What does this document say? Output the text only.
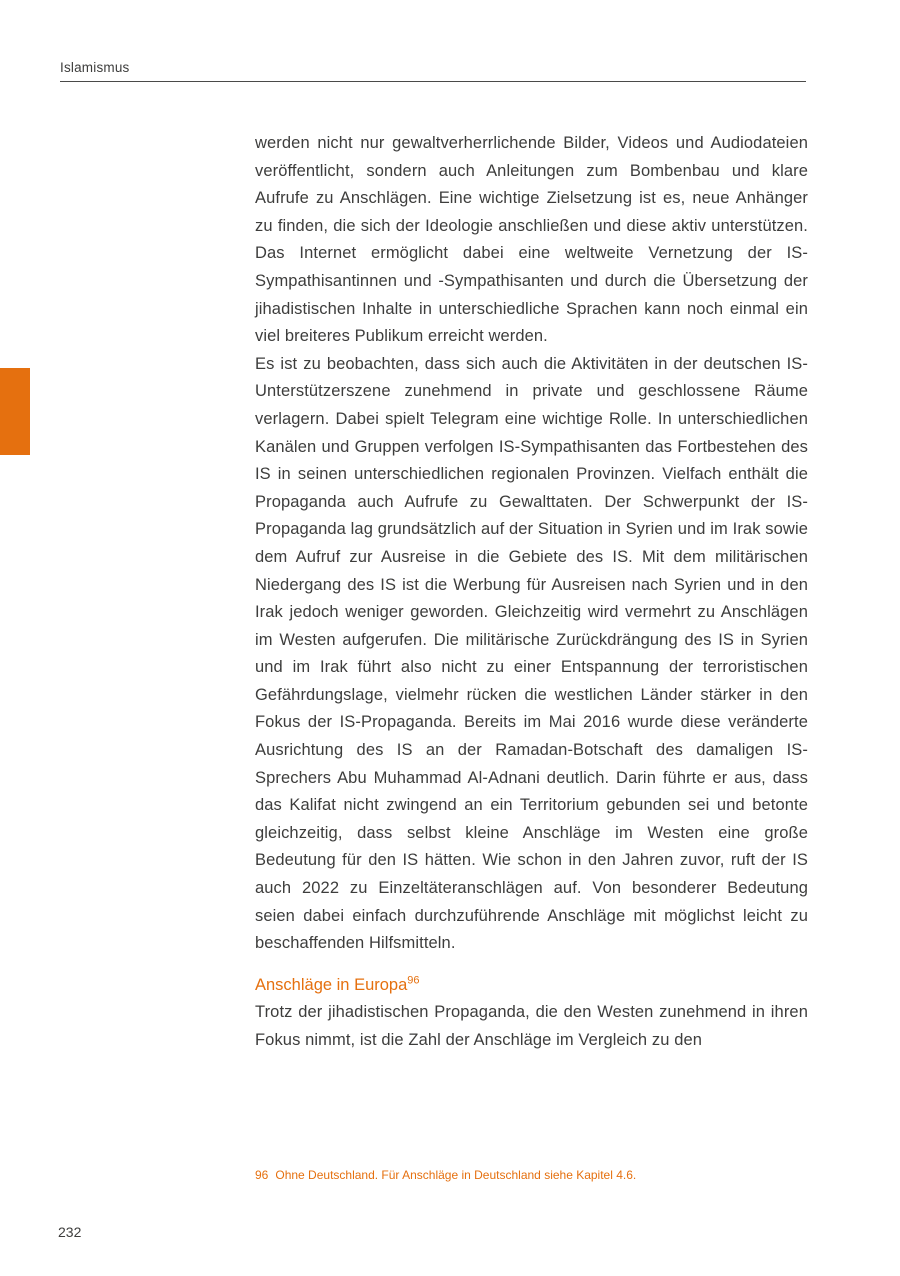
Islamismus

werden nicht nur gewaltverherrlichende Bilder, Videos und Audiodateien veröffentlicht, sondern auch Anleitungen zum Bombenbau und klare Aufrufe zu Anschlägen. Eine wichtige Zielsetzung ist es, neue Anhänger zu finden, die sich der Ideologie anschließen und diese aktiv unterstützen. Das Internet ermöglicht dabei eine weltweite Vernetzung der IS-Sympathisantinnen und -Sympathisanten und durch die Übersetzung der jihadistischen Inhalte in unterschiedliche Sprachen kann noch einmal ein viel breiteres Publikum erreicht werden.

Es ist zu beobachten, dass sich auch die Aktivitäten in der deutschen IS-Unterstützerszene zunehmend in private und geschlossene Räume verlagern. Dabei spielt Telegram eine wichtige Rolle. In unterschiedlichen Kanälen und Gruppen verfolgen IS-Sympathisanten das Fortbestehen des IS in seinen unterschiedlichen regionalen Provinzen. Vielfach enthält die Propaganda auch Aufrufe zu Gewalttaten. Der Schwerpunkt der IS-Propaganda lag grundsätzlich auf der Situation in Syrien und im Irak sowie dem Aufruf zur Ausreise in die Gebiete des IS. Mit dem militärischen Niedergang des IS ist die Werbung für Ausreisen nach Syrien und in den Irak jedoch weniger geworden. Gleichzeitig wird vermehrt zu Anschlägen im Westen aufgerufen. Die militärische Zurückdrängung des IS in Syrien und im Irak führt also nicht zu einer Entspannung der terroristischen Gefährdungslage, vielmehr rücken die westlichen Länder stärker in den Fokus der IS-Propaganda. Bereits im Mai 2016 wurde diese veränderte Ausrichtung des IS an der Ramadan-Botschaft des damaligen IS-Sprechers Abu Muhammad Al-Adnani deutlich. Darin führte er aus, dass das Kalifat nicht zwingend an ein Territorium gebunden sei und betonte gleichzeitig, dass selbst kleine Anschläge im Westen eine große Bedeutung für den IS hätten. Wie schon in den Jahren zuvor, ruft der IS auch 2022 zu Einzeltäteranschlägen auf. Von besonderer Bedeutung seien dabei einfach durchzuführende Anschläge mit möglichst leicht zu beschaffenden Hilfsmitteln.

Anschläge in Europa$^{96}$

Trotz der jihadistischen Propaganda, die den Westen zunehmend in ihren Fokus nimmt, ist die Zahl der Anschläge im Vergleich zu den

96 Ohne Deutschland. Für Anschläge in Deutschland siehe Kapitel 4.6.
232
